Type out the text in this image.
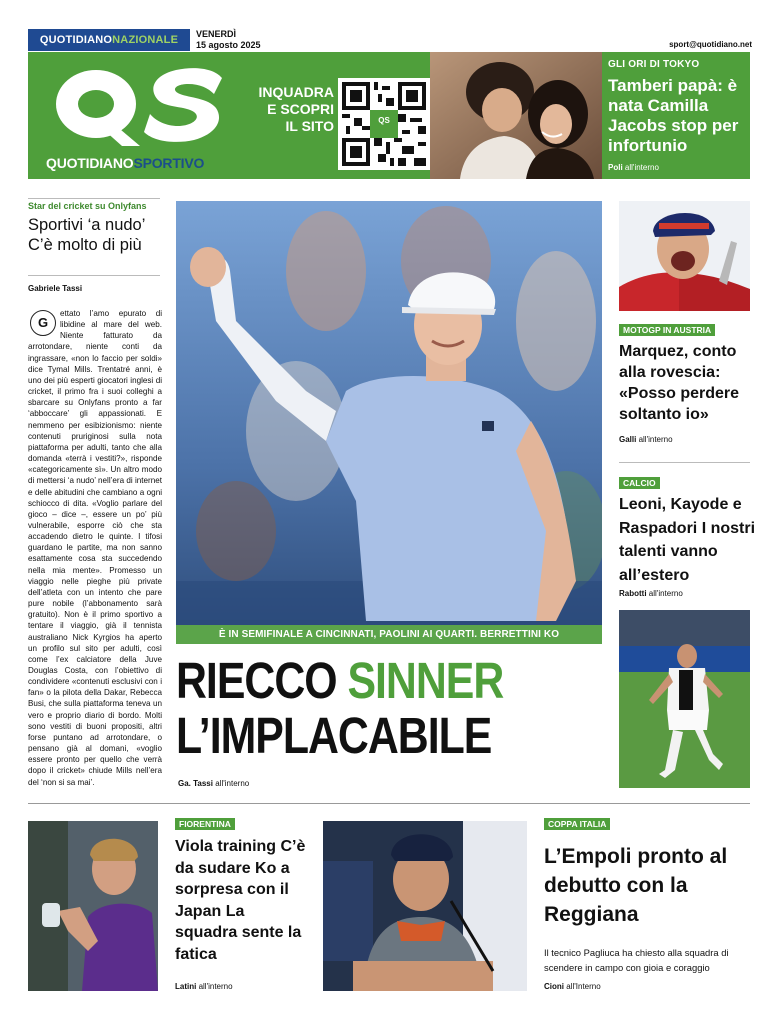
QUOTIDIANONAZIONALE	VENERDÌ
15 agosto 2025	sport@quotidiano.net
QUOTIDIANOSPORTIVO
INQUADRA
E SCOPRI
IL SITO	QS
GLI ORI DI TOKYO
Tamberi papà: è nata Camilla Jacobs stop per infortunio
Poli all'interno
Star del cricket su Onlyfans
Sportivi ‘a nudo’ C’è molto di più
Gabriele Tassi
G
ettato l’amo epurato di libidine al mare del web. Niente fatturato da arrotondare, niente conti da ingrassare, «non lo faccio per soldi» dice Tymal Mills. Trentatré anni, è uno dei più esperti giocatori inglesi di cricket, il primo fra i suoi colleghi a sbarcare su Onlyfans pronto a far ‘abboccare’ gli appassionati. E nemmeno per esibizionismo: niente contenuti pruriginosi sulla nota piattaforma per adulti, tanto che alla domanda «terrà i vestiti?», risponde «categoricamente sì». Un altro modo di mettersi ‘a nudo’ nell’era di internet e delle abitudini che cambiano a ogni schiocco di dita. «Voglio parlare del gioco – dice –, essere un po’ più vulnerabile, esporre ciò che sta accadendo dietro le quinte. I tifosi guardano le partite, ma non sanno esattamente cosa sta succedendo nella mia mente». Promesso un viaggio nelle pieghe più private dell’atleta con un intento che pare pure nobile (l’abbonamento sarà gratuito). Non è il primo sportivo a tentare il viaggio, già il tennista australiano Nick Kyrgios ha aperto un profilo sul sito per adulti, così come l’ex calciatore della Juve Douglas Costa, con l’obiettivo di condividere «contenuti esclusivi con i fan» o la pilota della Dakar, Rebecca Busi, che sulla piattaforma teneva un vero e proprio diario di bordo. Molti sono vestiti di buoni propositi, altri forse puntano ad arrotondare, o pensano già al domani, «voglio essere pronto per quello che verrà dopo il cricket» chiude Mills nell’era del ‘non si sa mai’.
È IN SEMIFINALE A CINCINNATI, PAOLINI AI QUARTI. BERRETTINI KO
RIECCO SINNER
L’IMPLACABILE
Ga. Tassi all'interno
MOTOGP IN AUSTRIA
Marquez, conto alla rovescia: «Posso perdere soltanto io»
Galli all'interno
CALCIO
Leoni, Kayode e Raspadori I nostri talenti vanno all’estero
Rabotti all'interno
FIORENTINA
Viola training C’è da sudare Ko a sorpresa con il Japan La squadra sente la fatica
Latini all'interno
COPPA ITALIA
L’Empoli pronto al debutto con la Reggiana
Il tecnico Pagliuca ha chiesto alla squadra di scendere in campo con gioia e coraggio
Cioni all'Interno
